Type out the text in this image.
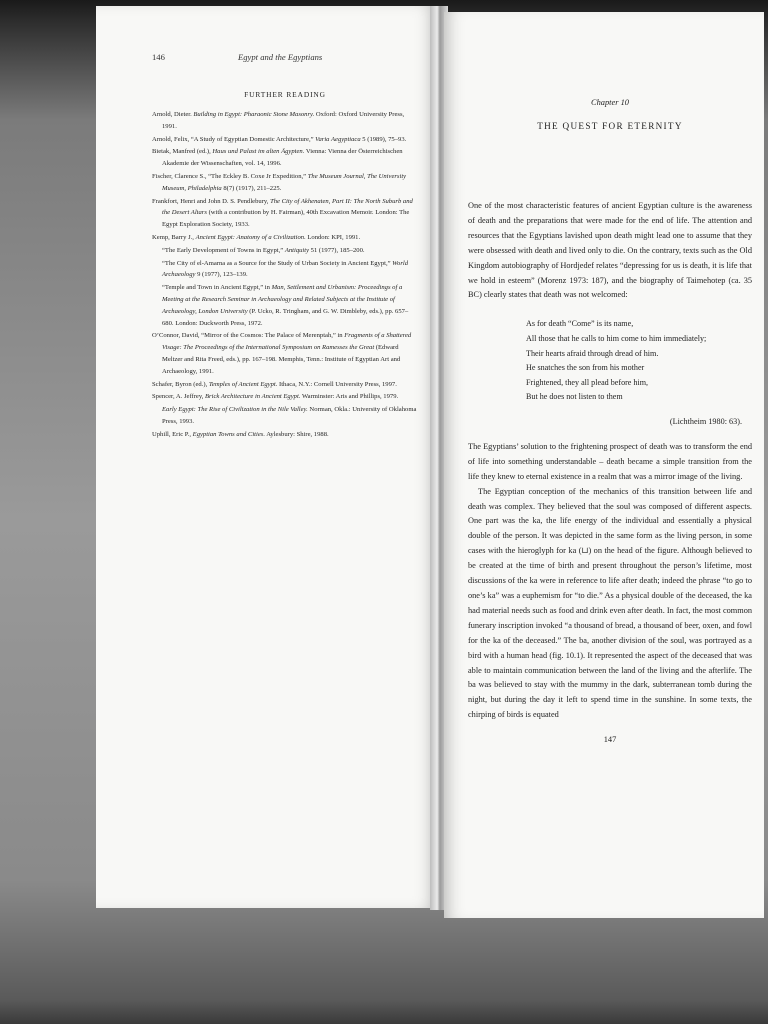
146	Egypt and the Egyptians
FURTHER READING

Arnold, Dieter. Building in Egypt: Pharaonic Stone Masonry. Oxford: Oxford University Press, 1991.

Arnold, Felix, “A Study of Egyptian Domestic Architecture,” Varia Aegyptiaca 5 (1989), 75–93.

Bietak, Manfred (ed.), Haus und Palast im alten Ägypten. Vienna: Vienna der Österreichischen Akademie der Wissenschaften, vol. 14, 1996.

Fischer, Clarence S., “The Eckley B. Coxe Jr Expedition,” The Museum Journal, The University Museum, Philadelphia 8(7) (1917), 211–225.

Frankfort, Henri and John D. S. Pendlebury, The City of Akhenaten, Part II: The North Suburb and the Desert Altars (with a contribution by H. Fairman), 40th Excavation Memoir. London: The Egypt Exploration Society, 1933.

Kemp, Barry J., Ancient Egypt: Anatomy of a Civilization. London: KPI, 1991.

“The Early Development of Towns in Egypt,” Antiquity 51 (1977), 185–200.

“The City of el-Amarna as a Source for the Study of Urban Society in Ancient Egypt,” World Archaeology 9 (1977), 123–139.

“Temple and Town in Ancient Egypt,” in Man, Settlement and Urbanism: Proceedings of a Meeting at the Research Seminar in Archaeology and Related Subjects at the Institute of Archaeology, London University (P. Ucko, R. Tringham, and G. W. Dimbleby, eds.), pp. 657–680. London: Duckworth Press, 1972.

O’Connor, David, “Mirror of the Cosmos: The Palace of Merenptah,” in Fragments of a Shattered Visage: The Proceedings of the International Symposium on Ramesses the Great (Edward Meltzer and Rita Freed, eds.), pp. 167–198. Memphis, Tenn.: Institute of Egyptian Art and Archaeology, 1991.

Schafer, Byron (ed.), Temples of Ancient Egypt. Ithaca, N.Y.: Cornell University Press, 1997.

Spencer, A. Jeffrey, Brick Architecture in Ancient Egypt. Warminster: Aris and Phillips, 1979.

Early Egypt: The Rise of Civilization in the Nile Valley. Norman, Okla.: University of Oklahoma Press, 1993.

Uphill, Eric P., Egyptian Towns and Cities. Aylesbury: Shire, 1988.

Chapter 10
THE QUEST FOR ETERNITY

One of the most characteristic features of ancient Egyptian culture is the awareness of death and the preparations that were made for the end of life. The attention and resources that the Egyptians lavished upon death might lead one to assume that they were obsessed with death and lived only to die. On the contrary, texts such as the Old Kingdom autobiography of Hordjedef relates “depressing for us is death, it is life that we hold in esteem” (Morenz 1973: 187), and the biography of Taimehotep (ca. 35 BC) clearly states that death was not welcomed:

As for death “Come” is its name,
All those that he calls to him come to him immediately;
Their hearts afraid through dread of him.
He snatches the son from his mother
Frightened, they all plead before him,
But he does not listen to them
(Lichtheim 1980: 63).

The Egyptians’ solution to the frightening prospect of death was to transform the end of life into something understandable – death became a simple transition from the life they knew to eternal existence in a realm that was a mirror image of the living.

The Egyptian conception of the mechanics of this transition between life and death was complex. They believed that the soul was composed of different aspects. One part was the ka, the life energy of the individual and essentially a physical double of the person. It was depicted in the same form as the living person, in some cases with the hieroglyph for ka (⊔) on the head of the figure. Although believed to be created at the time of birth and present throughout the person’s lifetime, most discussions of the ka were in reference to life after death; indeed the phrase “to go to one’s ka” was a euphemism for “to die.” As a physical double of the deceased, the ka had material needs such as food and drink even after death. In fact, the most common funerary inscription invoked “a thousand of bread, a thousand of beer, oxen, and fowl for the ka of the deceased.” The ba, another division of the soul, was portrayed as a bird with a human head (fig. 10.1). It represented the aspect of the deceased that was able to maintain communication between the land of the living and the afterlife. The ba was believed to stay with the mummy in the dark, subterranean tomb during the night, but during the day it left to spend time in the sunshine. In some texts, the chirping of birds is equated

147
